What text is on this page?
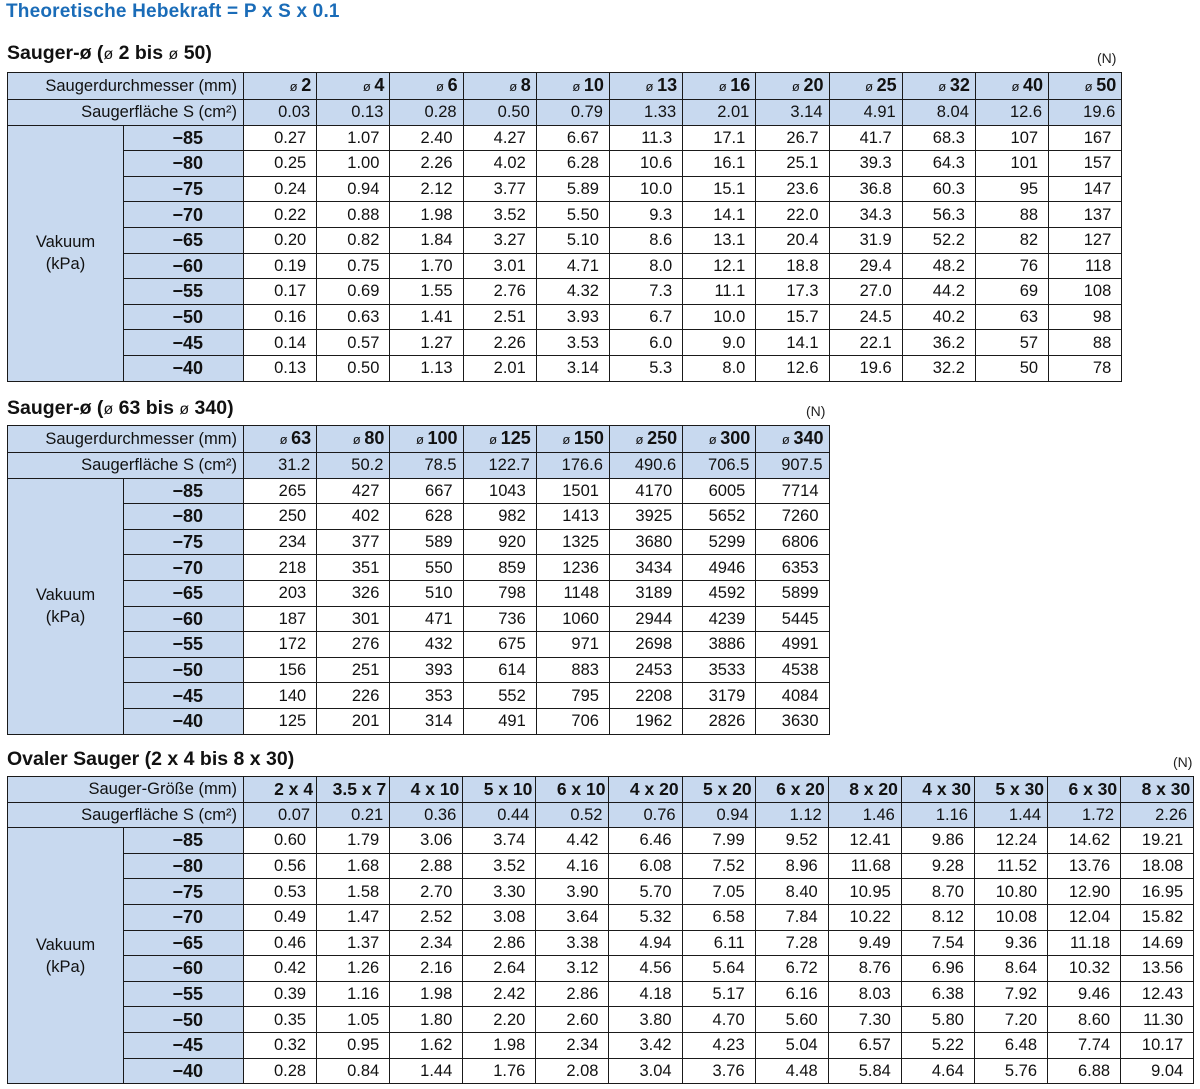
Theoretische Hebekraft = P x S x 0.1
Sauger-ø (ø 2 bis ø 50)	(N)
Saugerdurchmesser (mm)		ø  2	ø  4	ø  6	ø  8	ø  10	ø  13	ø  16	ø  20	ø  25	ø  32	ø  40	ø  50
Saugerfläche S (cm²)		0.03	0.13	0.28	0.50	0.79	1.33	2.01	3.14	4.91	8.04	12.6	19.6

Vakuum
(kPa)	−85	0.27	1.07	2.40	4.27	6.67	11.3	17.1	26.7	41.7	68.3	107	167
	−80	0.25	1.00	2.26	4.02	6.28	10.6	16.1	25.1	39.3	64.3	101	157
	−75	0.24	0.94	2.12	3.77	5.89	10.0	15.1	23.6	36.8	60.3	95	147
	−70	0.22	0.88	1.98	3.52	5.50	9.3	14.1	22.0	34.3	56.3	88	137
	−65	0.20	0.82	1.84	3.27	5.10	8.6	13.1	20.4	31.9	52.2	82	127
	−60	0.19	0.75	1.70	3.01	4.71	8.0	12.1	18.8	29.4	48.2	76	118
	−55	0.17	0.69	1.55	2.76	4.32	7.3	11.1	17.3	27.0	44.2	69	108
	−50	0.16	0.63	1.41	2.51	3.93	6.7	10.0	15.7	24.5	40.2	63	98
	−45	0.14	0.57	1.27	2.26	3.53	6.0	9.0	14.1	22.1	36.2	57	88
	−40	0.13	0.50	1.13	2.01	3.14	5.3	8.0	12.6	19.6	32.2	50	78
Sauger-ø (ø 63 bis ø 340)	(N)
Saugerdurchmesser (mm)		ø  63	ø  80	ø  100	ø  125	ø  150	ø  250	ø  300	ø  340
Saugerfläche S (cm²)		31.2	50.2	78.5	122.7	176.6	490.6	706.5	907.5

Vakuum
(kPa)	−85	265	427	667	1043	1501	4170	6005	7714
	−80	250	402	628	982	1413	3925	5652	7260
	−75	234	377	589	920	1325	3680	5299	6806
	−70	218	351	550	859	1236	3434	4946	6353
	−65	203	326	510	798	1148	3189	4592	5899
	−60	187	301	471	736	1060	2944	4239	5445
	−55	172	276	432	675	971	2698	3886	4991
	−50	156	251	393	614	883	2453	3533	4538
	−45	140	226	353	552	795	2208	3179	4084
	−40	125	201	314	491	706	1962	2826	3630
Ovaler Sauger (2 x 4 bis 8 x 30)	(N)
Sauger-Größe (mm)		2 x 4	3.5 x 7	4 x 10	5 x 10	6 x 10	4 x 20	5 x 20	6 x 20	8 x 20	4 x 30	5 x 30	6 x 30	8 x 30
Saugerfläche S (cm²)		0.07	0.21	0.36	0.44	0.52	0.76	0.94	1.12	1.46	1.16	1.44	1.72	2.26

Vakuum
(kPa)	−85	0.60	1.79	3.06	3.74	4.42	6.46	7.99	9.52	12.41	9.86	12.24	14.62	19.21
	−80	0.56	1.68	2.88	3.52	4.16	6.08	7.52	8.96	11.68	9.28	11.52	13.76	18.08
	−75	0.53	1.58	2.70	3.30	3.90	5.70	7.05	8.40	10.95	8.70	10.80	12.90	16.95
	−70	0.49	1.47	2.52	3.08	3.64	5.32	6.58	7.84	10.22	8.12	10.08	12.04	15.82
	−65	0.46	1.37	2.34	2.86	3.38	4.94	6.11	7.28	9.49	7.54	9.36	11.18	14.69
	−60	0.42	1.26	2.16	2.64	3.12	4.56	5.64	6.72	8.76	6.96	8.64	10.32	13.56
	−55	0.39	1.16	1.98	2.42	2.86	4.18	5.17	6.16	8.03	6.38	7.92	9.46	12.43
	−50	0.35	1.05	1.80	2.20	2.60	3.80	4.70	5.60	7.30	5.80	7.20	8.60	11.30
	−45	0.32	0.95	1.62	1.98	2.34	3.42	4.23	5.04	6.57	5.22	6.48	7.74	10.17
	−40	0.28	0.84	1.44	1.76	2.08	3.04	3.76	4.48	5.84	4.64	5.76	6.88	9.04
